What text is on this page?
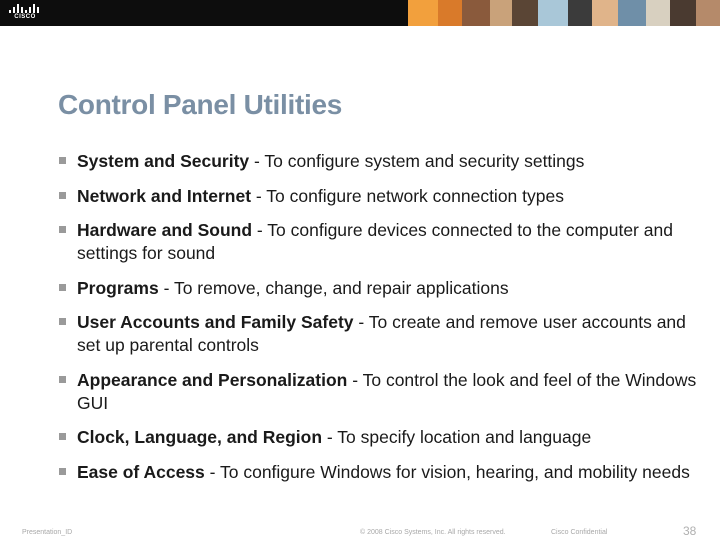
CISCO
Control Panel Utilities
System and Security - To configure system and security settings
Network and Internet - To configure network connection types
Hardware and Sound - To configure devices connected to the computer and settings for sound
Programs - To remove, change, and repair applications
User Accounts and Family Safety - To create and remove user accounts and set up parental controls
Appearance and Personalization - To control the look and feel of the Windows GUI
Clock, Language, and Region - To specify location and language
Ease of Access - To configure Windows for vision, hearing, and mobility needs
Presentation_ID	© 2008 Cisco Systems, Inc. All rights reserved.	Cisco Confidential	38
